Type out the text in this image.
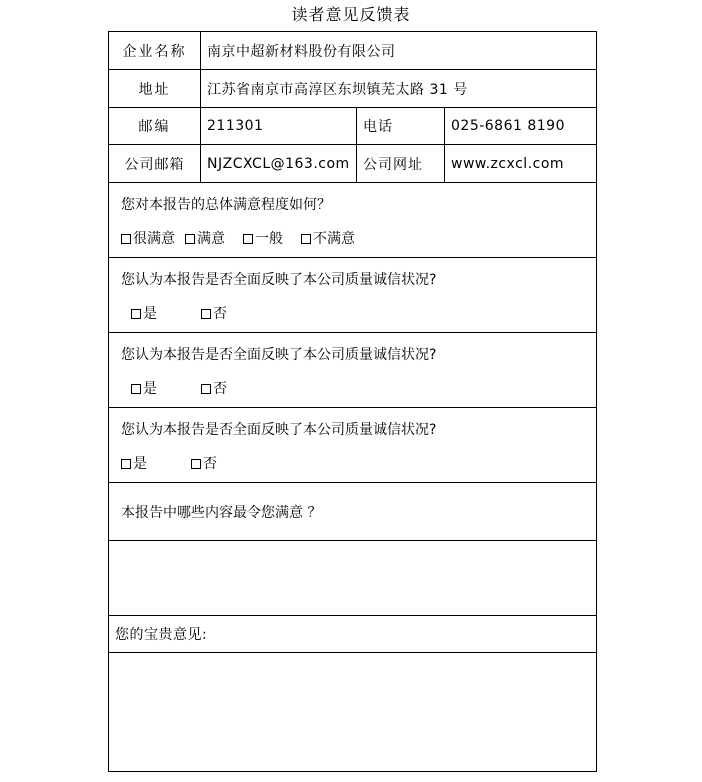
读者意见反馈表
企业名称	南京中超新材料股份有限公司		
地址	江苏省南京市高淳区东坝镇芜太路 31 号		
邮编	211301	电话	025-6861 8190
公司邮箱	NJZCXCL@163.com	公司网址	www.zcxcl.com

您对本报告的总体满意程度如何？
很满意 满意 一般 不满意			

您认为本报告是否全面反映了本公司质量诚信状况?
是 否			

您认为本报告是否全面反映了本公司质量诚信状况?
是 否			

您认为本报告是否全面反映了本公司质量诚信状况?
是 否			

本报告中哪些内容最令您满意 ？			

您的宝贵意见:			
